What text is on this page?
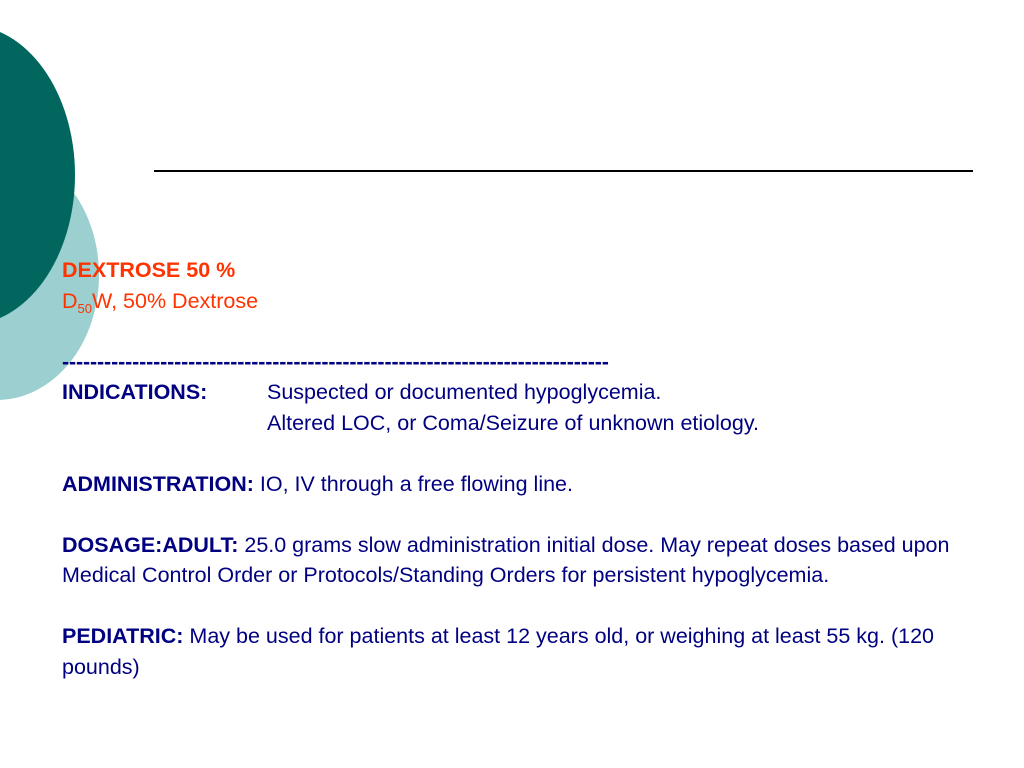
DEXTROSE 50 %
$D_{50}W$, 50% Dextrose
------------------------------------------------------------------------------
INDICATIONS:	Suspected or documented hypoglycemia.
Altered LOC, or Coma/Seizure of unknown etiology.
ADMINISTRATION: IO, IV through a free flowing line.
DOSAGE:ADULT: 25.0 grams slow administration initial dose. May repeat doses based upon Medical Control Order or Protocols/Standing Orders for persistent hypoglycemia.
PEDIATRIC: May be used for patients at least 12 years old, or weighing at least 55 kg. (120 pounds)
